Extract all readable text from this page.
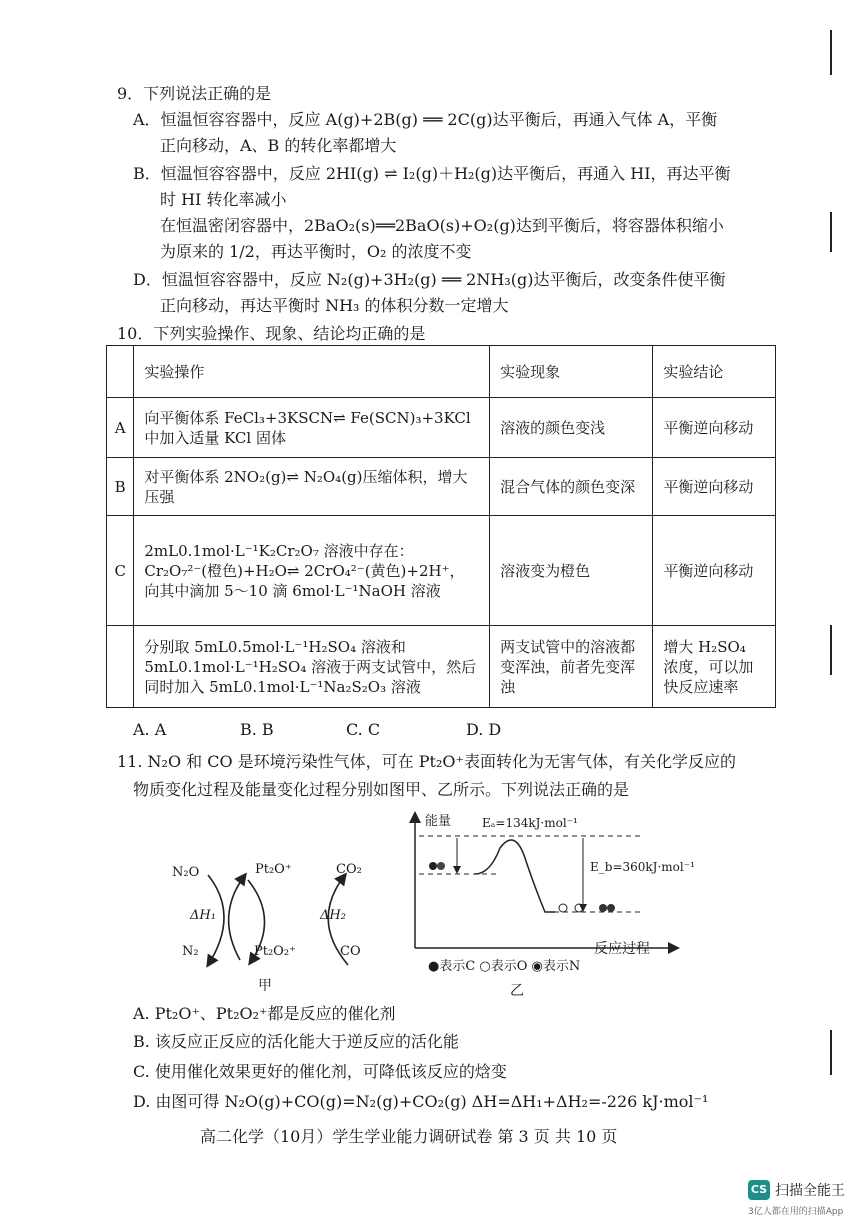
9．下列说法正确的是
A．恒温恒容容器中，反应 A(g)+2B(g) ══ 2C(g)达平衡后，再通入气体 A，平衡
正向移动，A、B 的转化率都增大
B．恒温恒容容器中，反应 2HI(g) ⇌ I₂(g)＋H₂(g)达平衡后，再通入 HI，再达平衡
时 HI 转化率减小
在恒温密闭容器中，2BaO₂(s)══2BaO(s)+O₂(g)达到平衡后，将容器体积缩小
为原来的 1/2，再达平衡时，O₂ 的浓度不变
D．恒温恒容容器中，反应 N₂(g)+3H₂(g) ══ 2NH₃(g)达平衡后，改变条件使平衡
正向移动，再达平衡时 NH₃ 的体积分数一定增大
10．下列实验操作、现象、结论均正确的是
	实验操作	实验现象	实验结论
A	向平衡体系 FeCl₃+3KSCN⇌ Fe(SCN)₃+3KCl 中加入适量 KCl 固体	溶液的颜色变浅	平衡逆向移动
B	对平衡体系 2NO₂(g)⇌ N₂O₄(g)压缩体积，增大压强	混合气体的颜色变深	平衡逆向移动
C	2mL0.1mol·L⁻¹K₂Cr₂O₇ 溶液中存在：Cr₂O₇²⁻(橙色)+H₂O⇌ 2CrO₄²⁻(黄色)+2H⁺，向其中滴加 5～10 滴 6mol·L⁻¹NaOH 溶液	溶液变为橙色	平衡逆向移动
	分别取 5mL0.5mol·L⁻¹H₂SO₄ 溶液和 5mL0.1mol·L⁻¹H₂SO₄ 溶液于两支试管中，然后同时加入 5mL0.1mol·L⁻¹Na₂S₂O₃ 溶液	两支试管中的溶液都变浑浊，前者先变浑浊	增大 H₂SO₄ 浓度，可以加快反应速率
A. A	B. B	C. C	D. D
11. N₂O 和 CO 是环境污染性气体，可在 Pt₂O⁺表面转化为无害气体，有关化学反应的
物质变化过程及能量变化过程分别如图甲、乙所示。下列说法正确的是
N₂O	Pt₂O⁺	CO₂
ΔH₁	ΔH₂
N₂	Pt₂O₂⁺	CO
甲
能量	Eₐ=134kJ·mol⁻¹
E_b=360kJ·mol⁻¹
反应过程
●表示C ○表示O ◉表示N
乙
A. Pt₂O⁺、Pt₂O₂⁺都是反应的催化剂
B. 该反应正反应的活化能大于逆反应的活化能
C. 使用催化效果更好的催化剂，可降低该反应的焓变
D. 由图可得 N₂O(g)+CO(g)=N₂(g)+CO₂(g) ΔH=ΔH₁+ΔH₂=-226 kJ·mol⁻¹
高二化学（10月）学生学业能力调研试卷 第 3 页 共 10 页
CS 扫描全能王
3亿人都在用的扫描App
